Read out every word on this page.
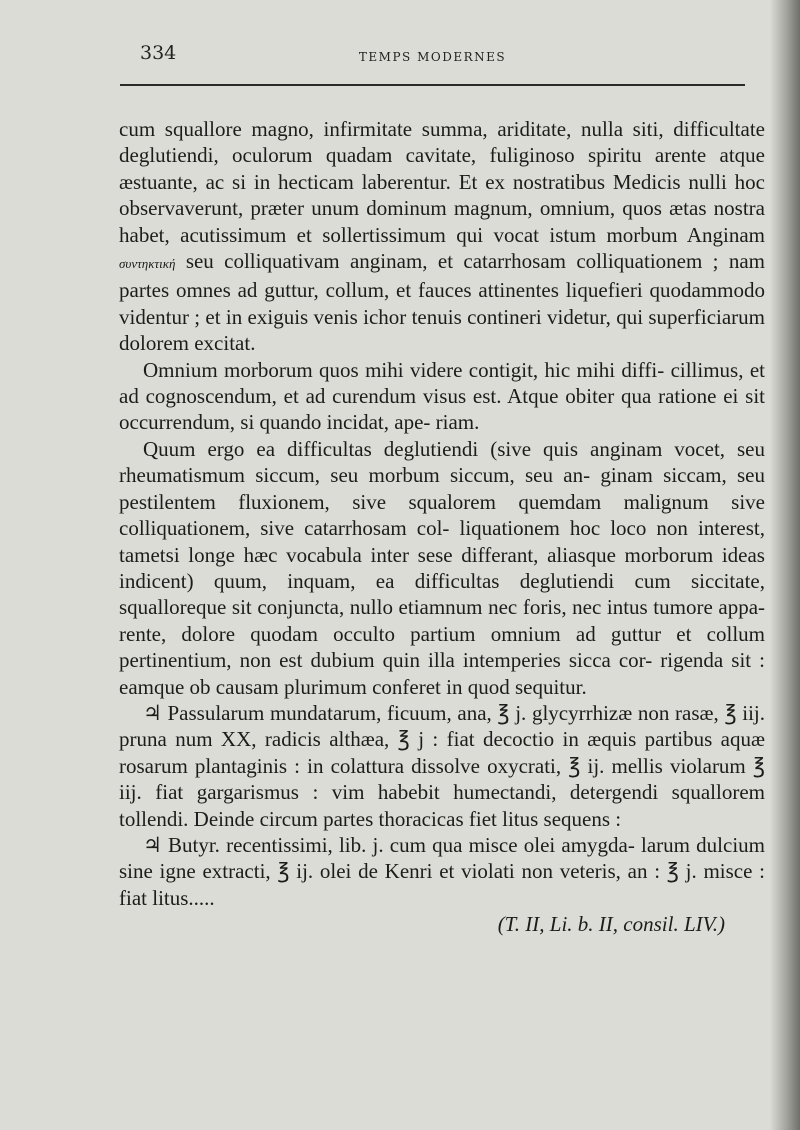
334	TEMPS MODERNES

cum squallore magno, infirmitate summa, ariditate, nulla siti, difficultate deglutiendi, oculorum quadam cavitate, fuliginoso spiritu arente atque æstuante, ac si in hecticam laberentur. Et ex nostratibus Medicis nulli hoc observaverunt, præter unum dominum magnum, omnium, quos ætas nostra habet, acutissimum et sollertissimum qui vocat istum morbum Anginam συντηκτική seu colliquativam anginam, et catarrhosam colliquationem ; nam partes omnes ad guttur, collum, et fauces attinentes liquefieri quodammodo videntur ; et in exiguis venis ichor tenuis contineri videtur, qui superficiarum dolorem excitat.

Omnium morborum quos mihi videre contigit, hic mihi diffi- cillimus, et ad cognoscendum, et ad curendum visus est. Atque obiter qua ratione ei sit occurrendum, si quando incidat, ape- riam.

Quum ergo ea difficultas deglutiendi (sive quis anginam vocet, seu rheumatismum siccum, seu morbum siccum, seu an- ginam siccam, seu pestilentem fluxionem, sive squalorem quemdam malignum sive colliquationem, sive catarrhosam col- liquationem hoc loco non interest, tametsi longe hæc vocabula inter sese differant, aliasque morborum ideas indicent) quum, inquam, ea difficultas deglutiendi cum siccitate, squalloreque sit conjuncta, nullo etiamnum nec foris, nec intus tumore appa- rente, dolore quodam occulto partium omnium ad guttur et collum pertinentium, non est dubium quin illa intemperies sicca cor- rigenda sit : eamque ob causam plurimum conferet in quod sequitur.

♃ Passularum mundatarum, ficuum, ana, ℥ j. glycyrrhizæ non rasæ, ℥ iij. pruna num XX, radicis althæa, ℥ j : fiat decoctio in æquis partibus aquæ rosarum plantaginis : in colattura dissolve oxycrati, ℥ ij. mellis violarum ℥ iij. fiat gargarismus : vim habebit humectandi, detergendi squallorem tollendi. Deinde circum partes thoracicas fiet litus sequens :

♃ Butyr. recentissimi, lib. j. cum qua misce olei amygda- larum dulcium sine igne extracti, ℥ ij. olei de Kenri et violati non veteris, an : ℥ j. misce : fiat litus.....

(T. II, Li. b. II, consil. LIV.)
